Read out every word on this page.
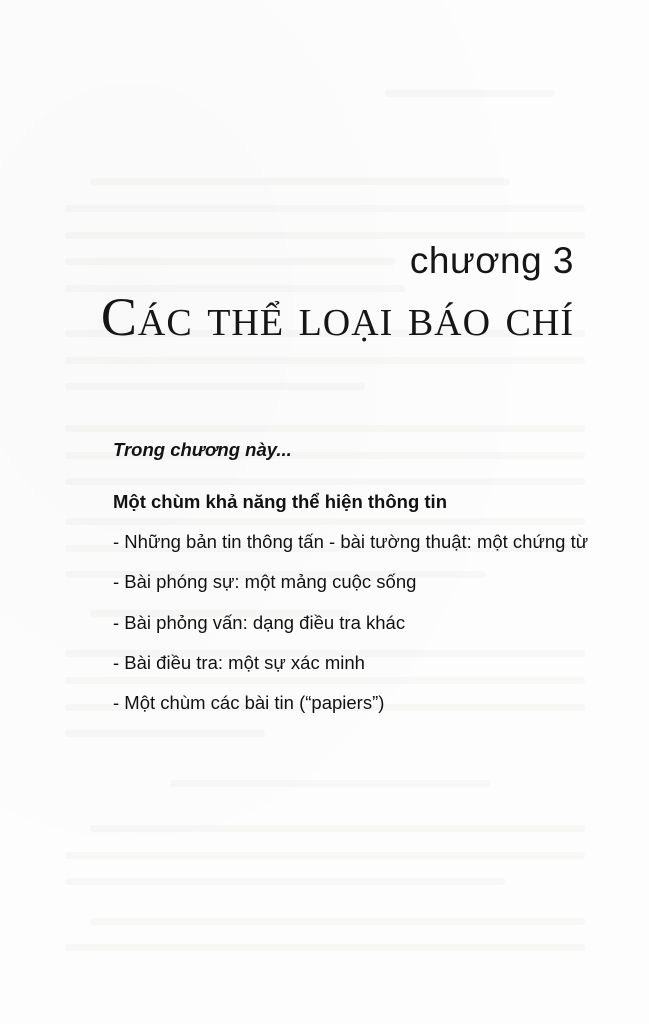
chương 3
Các thể loại báo chí
Trong chương này...
Một chùm khả năng thể hiện thông tin
- Những bản tin thông tấn - bài tường thuật: một chứng từ
- Bài phóng sự: một mảng cuộc sống
- Bài phỏng vấn: dạng điều tra khác
- Bài điều tra: một sự xác minh
- Một chùm các bài tin (“papiers”)
